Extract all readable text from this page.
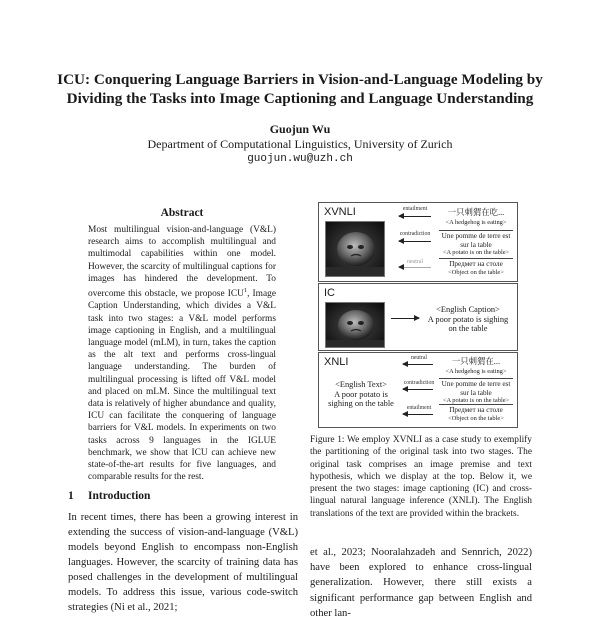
ICU: Conquering Language Barriers in Vision-and-Language Modeling by Dividing the Tasks into Image Captioning and Language Understanding

Guojun Wu

Department of Computational Linguistics, University of Zurich

guojun.wu@uzh.ch

Abstract

Most multilingual vision-and-language (V&L) research aims to accomplish multilingual and multimodal capabilities within one model. However, the scarcity of multilingual captions for images has hindered the development. To overcome this obstacle, we propose ICU$^1$, Image Caption Understanding, which divides a V&L task into two stages: a V&L model performs image captioning in English, and a multilingual language model (mLM), in turn, takes the caption as the alt text and performs cross-lingual language understanding. The burden of multilingual processing is lifted off V&L model and placed on mLM. Since the multilingual text data is relatively of higher abundance and quality, ICU can facilitate the conquering of language barriers for V&L models. In experiments on two tasks across 9 languages in the IGLUE benchmark, we show that ICU can achieve new state-of-the-art results for five languages, and comparable results for the rest.

1 Introduction

In recent times, there has been a growing interest in extending the success of vision-and-language (V&L) models beyond English to encompass non-English languages. However, the scarcity of training data has posed challenges in the development of multilingual models. To address this issue, various code-switch strategies (Ni et al., 2021;

XVNLI	entailment
contradiction
neutral
一只刺猬在吃...
<A hedgehog is eating>
Une pomme de terre est sur la table
<A potato is on the table>
Предмет на столе
<Object on the table>
IC
<English Caption>
A poor potato is sighing on the table
XNLI
<English Text>
A poor potato is sighing on the table
neutral
contradiction
entailment
一只刺猬在...
<A hedgehog is eating>
Une pomme de terre est sur la table
<A potato is on the table>
Предмет на столе
<Object on the table>

Figure 1: We employ XVNLI as a case study to exemplify the partitioning of the original task into two stages. The original task comprises an image premise and text hypothesis, which we display at the top. Below it, we present the two stages: image captioning (IC) and cross-lingual natural language inference (XNLI). The English translations of the text are provided within the brackets.

et al., 2023; Nooralahzadeh and Sennrich, 2022) have been explored to enhance cross-lingual generalization. However, there still exists a significant performance gap between English and other lan-
